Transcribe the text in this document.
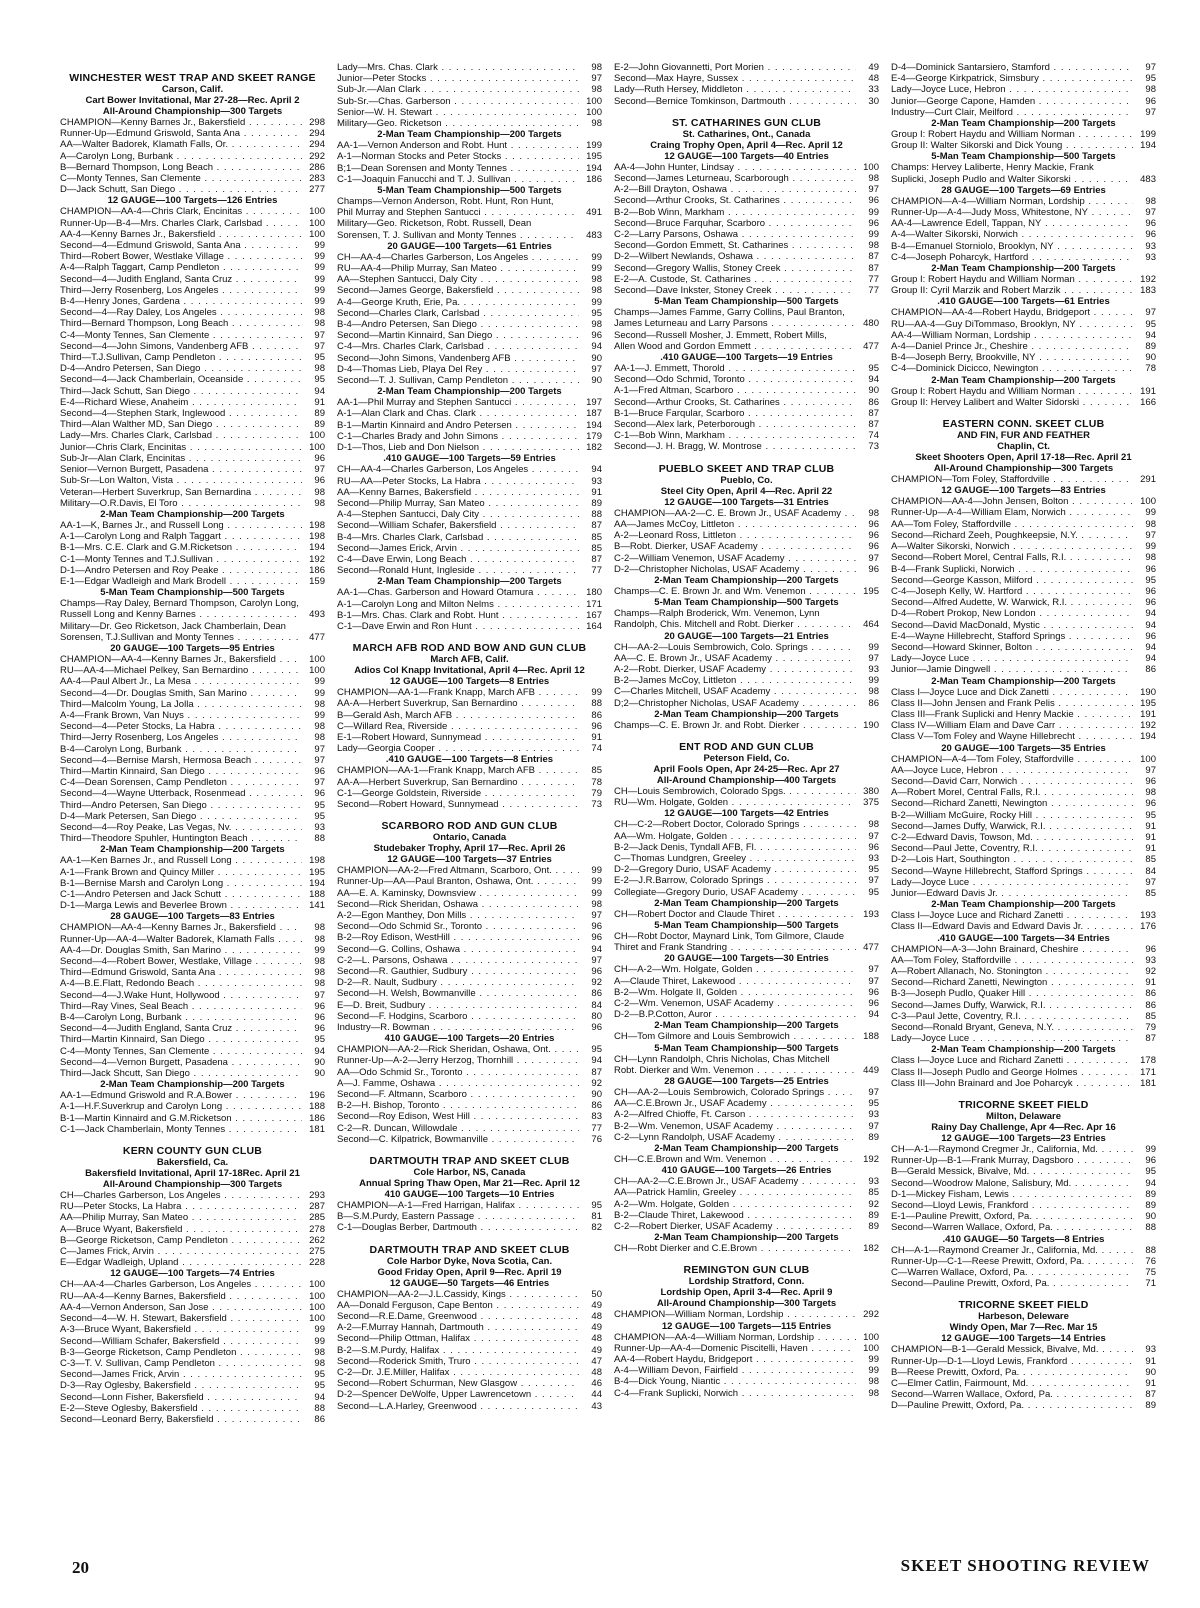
WINCHESTER WEST TRAP AND SKEET RANGE
Carson, Calif.
Cart Bower Invitational, Mar 27-28—Rec. April 2
All-Around Championship—300 Targets
CHAMPION—Kenny Barnes Jr., Bakersfield . . .	298
Runner-Up—Edmund Griswold, Santa Ana . . .	294
AA—Walter Badorek, Klamath Falls, Or. . . .	294
A—Carolyn Long, Burbank . . .	292
B—Bernard Thompson, Long Beach . . .	286
C—Monty Tennes, San Clemente . . .	283
D—Jack Schutt, San Diego . . .	277
12 GAUGE—100 Targets—126 Entries
CHAMPION—AA-4—Chris Clark, Encinitas . . .	100
Runner-Up—B-4—Mrs. Charles Clark, Carlsbad . . .	100
AA-4—Kenny Barnes Jr., Bakersfield . . .	100
Second—4—Edmund Griswold, Santa Ana . . .	99
Third—Robert Bower, Westlake Village . . .	99
A-4—Ralph Taggart, Camp Pendleton . . .	99
Second—4—Judith England, Santa Cruz . . .	99
Third—Jerry Rosenberg, Los Angeles . . .	99
B-4—Henry Jones, Gardena . . .	99
Second—4—Ray Daley, Los Angeles . . .	98
Third—Bernard Thompson, Long Beach . . .	98
C-4—Monty Tennes, San Clemente . . .	97
Second—4—John Simons, Vandenberg AFB . . .	97
Third—T.J.Sullivan, Camp Pendleton . . .	95
D-4—Andro Petersen, San Diego . . .	98
Second—4—Jack Chamberlain, Oceanside . . .	95
Third—Jack Schutt, San Diego . . .	94
E-4—Richard Wiese, Anaheim . . .	91
Second—4—Stephen Stark, Inglewood . . .	89
Third—Alan Walther MD, San Diego . . .	89
Lady—Mrs. Charles Clark, Carlsbad . . .	100
Junior—Chris Clark, Encinitas . . .	100
Sub-Jr—Alan Clark, Encinitas . . .	96
Senior—Vernon Burgett, Pasadena . . .	97
Sub-Sr—Lon Walton, Vista . . .	96
Veteran—Herbert Suverkrup, San Bernardina . . .	98
Military—O.R.Davis, El Toro . . .	98
2-Man Team Championship—200 Targets
AA-1—K, Barnes Jr., and Russell Long . . .	198
A-1—Carolyn Long and Ralph Taggart . . .	198
B-1—Mrs. C.E. Clark and G.M.Ricketson . . .	194
C-1—Monty Tennes and T.J.Sullivan . . .	192
D-1—Andro Petersen and Roy Peake . . .	186
E-1—Edgar Wadleigh and Mark Brodell . . .	159
5-Man Team Championship—500 Targets
Champs—Ray Daley, Bernard Thompson, Carolyn Long,
Russell Long and Kenny Barnes . . .	493
Military—Dr. Geo Ricketson, Jack Chamberlain, Dean
Sorensen, T.J.Sullivan and Monty Tennes . . .	477
20 GAUGE—100 Targets—95 Entries
CHAMPION—AA-4—Kenny Barnes Jr., Bakersfield . . .	100
RU—AA-4—Michael Pelkey, San Bernardino . . .	100
AA-4—Paul Albert Jr., La Mesa . . .	99
Second—4—Dr. Douglas Smith, San Marino . . .	99
Third—Malcolm Young, La Jolla . . .	98
A-4—Frank Brown, Van Nuys . . .	99
Second—4—Peter Stocks, La Habra . . .	98
Third—Jerry Rosenberg, Los Angeles . . .	98
B-4—Carolyn Long, Burbank . . .	97
Second—4—Bernise Marsh, Hermosa Beach . . .	97
Third—Martin Kinnaird, San Diego . . .	96
C-4—Dean Sorensen, Camp Pendleton . . .	97
Second—4—Wayne Utterback, Rosenmead . . .	96
Third—Andro Petersen, San Diego . . .	95
D-4—Mark Petersen, San Diego . . .	95
Second—4—Roy Peake, Las Vegas, Nv. . . .	93
Third—Theodore Spuhler, Huntington Beach . . .	88
2-Man Team Championship—200 Targets
AA-1—Ken Barnes Jr., and Russell Long . . .	198
A-1—Frank Brown and Quincy Miller . . .	195
B-1—Bernise Marsh and Carolyn Long . . .	194
C-1—Andro Petersen and Jack Schutt . . .	188
D-1—Marga Lewis and Beverlee Brown . . .	141
28 GAUGE—100 Targets—83 Entries
CHAMPION—AA-4—Kenny Barnes Jr., Bakersfield . . .	98
Runner-Up—AA-4—Walter Badorek, Klamath Falls . . .	98
AA-4—Dr. Douglas Smith, San Marino . . .	99
Second—4—Robert Bower, Westlake, Village . . .	98
Third—Edmund Griswold, Santa Ana . . .	98
A-4—B.E.Flatt, Redondo Beach . . .	98
Second—4—J.Wake Hunt, Hollywood . . .	97
Third—Ray Vines, Seal Beach . . .	96
B-4—Carolyn Long, Burbank . . .	96
Second—4—Judith England, Santa Cruz . . .	96
Third—Martin Kinnaird, San Diego . . .	95
C-4—Monty Tennes, San Clemente . . .	94
Second—4—Vernon Burgett, Pasadena . . .	90
Third—Jack Shcutt, San Diego . . .	90
2-Man Team Championship—200 Targets
AA-1—Edmund Griswold and R.A.Bower . . .	196
A-1—H.F.Suverkrup and Carolyn Long . . .	188
B-1—Martin Kinnaird and G.M.Ricketson . . .	186
C-1—Jack Chamberlain, Monty Tennes . . .	181
KERN COUNTY GUN CLUB
Bakersfield, Ca.
Bakersfield Invitational, April 17-18Rec. April 21
All-Around Championship—300 Targets
CH—Charles Garberson, Los Angeles . . .	293
RU—Peter Stocks, La Habra . . .	287
AA—Philip Murray, San Mateo . . .	285
A—Bruce Wyant, Bakersfield . . .	278
B—George Ricketson, Camp Pendleton . . .	262
C—James Frick, Arvin . . .	275
E—Edgar Wadleigh, Upland . . .	228
12 GAUGE—100 Targets—74 Entries
CH—AA-4—Charles Garberson, Los Angeles . . .	100
RU—AA-4—Kenny Barnes, Bakersfield . . .	100
AA-4—Vernon Anderson, San Jose . . .	100
Second—4—W. H. Stewart, Bakersfield . . .	100
A-3—Bruce Wyant, Bakersfield . . .	99
Second—William Schafer, Bakersfield . . .	99
B-3—George Ricketson, Camp Pendleton . . .	98
C-3—T. V. Sullivan, Camp Pendleton . . .	98
Second—James Frick, Arvin . . .	95
D-3—Ray Oglesby, Bakersfield . . .	95
Second—Lonn Fisher, Bakersfield . . .	94
E-2—Steve Oglesby, Bakersfield . . .	88
Second—Leonard Berry, Bakersfield . . .	86
Lady—Mrs. Chas. Clark . . .	98
Junior—Peter Stocks . . .	97
Sub-Jr.—Alan Clark . . .	98
Sub-Sr.—Chas. Garberson . . .	100
Senior—W. H. Stewart . . .	100
Military—Geo. Ricketson . . .	98
2-Man Team Championship—200 Targets
AA-1—Vernon Anderson and Robt. Hunt . . .	199
A-1—Norman Stocks and Peter Stocks . . .	195
B;1—Dean Sorensen and Monty Tennes . . .	194
C-1—Joaquin Fanucchi and T. J. Sullivan . . .	186
5-Man Team Championship—500 Targets
Champs—Vernon Anderson, Robt. Hunt, Ron Hunt,
Phil Murray and Stephen Santucci . . .	491
Military—Geo. Ricketson, Robt. Russell, Dean
Sorensen, T. J. Sullivan and Monty Tennes . . .	483
20 GAUGE—100 Targets—61 Entries
CH—AA-4—Charles Garberson, Los Angeles . . .	99
RU—AA-4—Philip Murray, San Mateo . . .	99
AA—Stephen Santucci, Daly City . . .	98
Second—James George, Bakersfield . . .	98
A-4—George Kruth, Erie, Pa. . . .	99
Second—Charles Clark, Carlsbad . . .	95
B-4—Andro Petersen, San Diego . . .	98
Second—Martin Kinnaird, San Diego . . .	96
C-4—Mrs. Charles Clark, Carlsbad . . .	94
Second—John Simons, Vandenberg AFB . . .	90
D-4—Thomas Lieb, Playa Del Rey . . .	97
Second—T. J. Sullivan, Camp Pendleton . . .	90
2-Man Team Championship—200 Targets
AA-1—Phil Murray and Stephen Santucci . . .	197
A-1—Alan Clark and Chas. Clark . . .	187
B-1—Martin Kinnaird and Andro Petersen . . .	194
C-1—Charles Brady and John Simons . . .	179
D-1—Thos, Lieb and Don Nielson . . .	182
.410 GAUGE—100 Targets—59 Entries
CH—AA-4—Charles Garberson, Los Angeles . . .	94
RU—AA—Peter Stocks, La Habra . . .	93
AA—Kenny Barnes, Bakersfield . . .	91
Second—Philip Murray, San Mateo . . .	89
A-4—Stephen Santucci, Daly City . . .	88
Second—William Schafer, Bakersfield . . .	87
B-4—Mrs. Charles Clark, Carlsbad . . .	85
Second—James Erick, Arvin . . .	85
C-4—Dave Erwin, Long Beach . . .	87
Second—Ronald Hunt, Ingleside . . .	77
2-Man Team Championship—200 Targets
AA-1—Chas. Garberson and Howard Otamura . . .	180
A-1—Carolyn Long and Milton Nelms . . .	171
B-1—Mrs. Chas. Clark and Robt. Hunt . . .	167
C-1—Dave Erwin and Ron Hunt . . .	164
MARCH AFB ROD AND BOW AND GUN CLUB
March AFB, Calif.
Adios Col Knapp Invitational, April 4—Rec. April 12
12 GAUGE—100 Targets—8 Entries
CHAMPION—AA-1—Frank Knapp, March AFB . . .	99
AA-A—Herbert Suverkrup, San Bernardino . . .	88
B—Gerald Ash, March AFB . . .	86
C—Willard Rea, Riverside . . .	96
E-1—Robert Howard, Sunnymead . . .	91
Lady—Georgia Cooper . . .	74
.410 GAUGE—100 Targets—8 Entries
CHAMPION—AA-1—Frank Knapp, March AFB . . .	85
AA-A—Herbert Suverkrup, San Bernardino . . .	78
C-1—George Goldstein, Riverside . . .	79
Second—Robert Howard, Sunnymead . . .	73
SCARBORO ROD AND GUN CLUB
Ontario, Canada
Studebaker Trophy, April 17—Rec. April 26
12 GAUGE—100 Targets—37 Entries
CHAMPION—AA-2—Fred Altmann, Scarboro, Ont. . . .	99
Runner-Up—AA—Paul Branton, Oshawa, Ont. . . .	99
AA—E. A. Kaminsky, Downsview . . .	99
Second—Rick Sheridan, Oshawa . . .	98
A-2—Egon Manthey, Don Mills . . .	97
Second—Odo Schmid Sr., Toronto . . .	96
B-2—Roy Edison, WestHill . . .	96
Second—G. Collins, Oshawa . . .	94
C-2—L. Parsons, Oshawa . . .	97
Second—R. Gauthier, Sudbury . . .	96
D-2—R. Nault, Sudbury . . .	92
Second—H. Welsh, Bowmanville . . .	86
E—D. Breit, Sudbury . . .	84
Second—F. Hodgins, Scarboro . . .	80
Industry—R. Bowman . . .	96
410 GAUGE—100 Targets—20 Entries
CHAMPION—AA-2—Rick Sheridan, Oshawa, Ont. . . .	95
Runner-Up—A-2—Jerry Herzog, Thornhill . . .	94
AA—Odo Schmid Sr., Toronto . . .	87
A—J. Famme, Oshawa . . .	92
Second—F. Altmann, Scarboro . . .	90
B-2—H. Bishop, Toronto . . .	86
Second—Roy Edison, West Hill . . .	83
C-2—R. Duncan, Willowdale . . .	77
Second—C. Kilpatrick, Bowmanville . . .	76
DARTMOUTH TRAP AND SKEET CLUB
Cole Harbor, NS, Canada
Annual Spring Thaw Open, Mar 21—Rec. April 12
410 GAUGE—100 Targets—10 Entries
CHAMPION—A-1—Fred Harrigan, Halifax . . .	95
B—S.M.Purdy, Eastern Passage . . .	81
C-1—Douglas Berber, Dartmouth . . .	82
DARTMOUTH TRAP AND SKEET CLUB
Cole Harbor Dyke, Nova Scotia, Can.
Good Friday Open, April 9—Rec. April 19
12 GAUGE—50 Targets—46 Entries
CHAMPION—AA-2—J.L.Cassidy, Kings . . .	50
AA—Donald Ferguson, Cape Benton . . .	49
Second—R.E.Dame, Greenwood . . .	48
A-2—F.Murray Hannah, Dartmouth . . .	49
Second—Philip Ottman, Halifax . . .	48
B-2—S.M.Purdy, Halifax . . .	49
Second—Roderick Smith, Truro . . .	47
C-2—Dr. J.E.Miller, Halifax . . .	48
Second—Robert Schurman, New Glasgow . . .	46
D-2—Spencer DeWolfe, Upper Lawrencetown . . .	44
Second—L.A.Harley, Greenwood . . .	43
E-2—John Giovannetti, Port Morien . . .	49
Second—Max Hayre, Sussex . . .	48
Lady—Ruth Hersey, Middleton . . .	33
Second—Bernice Tomkinson, Dartmouth . . .	30
ST. CATHARINES GUN CLUB
St. Catharines, Ont., Canada
Craing Trophy Open, April 4—Rec. April 12
12 GAUGE—100 Targets—40 Entries
AA-4—John Hunter, Lindsay . . .	100
Second—James Leturneau, Scarborough . . .	98
A-2—Bill Drayton, Oshawa . . .	97
Second—Arthur Crooks, St. Catharines . . .	96
B-2—Bob Winn, Markham . . .	99
Second—Bruce Farquhar, Scarboro . . .	96
C-2—Larry Parsons, Oshawa . . .	99
Second—Gordon Emmett, St. Catharines . . .	98
D-2—Wilbert Newlands, Oshawa . . .	87
Second—Gregory Wallis, Stoney Creek . . .	87
E-2—A. Custode, St. Catharines . . .	77
Second—Dave Inkster, Stoney Creek . . .	77
5-Man Team Championship—500 Targets
Champs—James Famme, Garry Collins, Paul Branton,
James Leturneau and Larry Parsons . . .	480
Second—Russell Mosher, J. Emmett, Robert Mills,
Allen Wood and Gordon Emmett . . .	477
.410 GAUGE—100 Targets—19 Entries
AA-1—J. Emmett, Thorold . . .	95
Second—Odo Schmid, Toronto . . .	94
A-1—Fred Altman, Scarboro . . .	90
Second—Arthur Crooks, St. Catharines . . .	86
B-1—Bruce Farqular, Scarboro . . .	87
Second—Alex lark, Peterborough . . .	87
C-1—Bob Winn, Markham . . .	74
Second—J. H. Bragg, W. Montrose . . .	73
PUEBLO SKEET AND TRAP CLUB
Pueblo, Co.
Steel City Open, April 4—Rec. April 22
12 GAUGE—100 Targets—31 Entries
CHAMPION—AA-2—C. E. Brown Jr., USAF Academy . . .	98
AA—James McCoy, Littleton . . .	96
A-2—Leonard Ross, Littleton . . .	96
B—Robt. Dierker, USAF Academy . . .	96
C-2—William Venemon, USAF Academy . . .	97
D-2—Christopher Nicholas, USAF Academy . . .	96
2-Man Team Championship—200 Targets
Champs—C. E. Brown Jr. and Wm. Venemon . . .	195
5-Man Team Championship—500 Targets
Champs—Ralph Broderick, Wm. Venemon, Lynn
Randolph, Chis. Mitchell and Robt. Dierker . . .	464
20 GAUGE—100 Targets—21 Entries
CH—AA-2—Louis Sembrowich, Colo. Springs . . .	99
AA—C. E. Brown Jr., USAF Academy . . .	97
A-2—Robt. Dierker, USAF Academy . . .	93
B-2—James McCoy, Littleton . . .	99
C—Charles Mitchell, USAF Academy . . .	98
D;2—Christopher Nicholas, USAF Academy . . .	86
2-Man Team Championship—200 Targets
Champs—C. E. Brown Jr. and Robt. Dierker . . .	190
ENT ROD AND GUN CLUB
Peterson Field, Co.
April Fools Open, Apr 24-25—Rec. Apr 27
All-Around Championship—400 Targets
CH—Louis Sembrowich, Colorado Spgs. . . .	380
RU—Wm. Holgate, Golden . . .	375
12 GAUGE—100 Targets—42 Entries
CH—C-2—Robert Doctor, Colorado Springs . . .	98
AA—Wm. Holgate, Golden . . .	97
B-2—Jack Denis, Tyndall AFB, Fl. . . .	96
C—Thomas Lundgren, Greeley . . .	93
D-2—Gregory Durio, USAF Academy . . .	95
E-2—J.R.Barrow, Colorado Springs . . .	97
Collegiate—Gregory Durio, USAF Academy . . .	95
2-Man Team Championship—200 Targets
CH—Robert Doctor and Claude Thiret . . .	193
5-Man Team Championship—500 Targets
CH—Robt Doctor, Maynard Link, Tom Gilmore, Claude
Thiret and Frank Standring . . .	477
20 GAUGE—100 Targets—30 Entries
CH—A-2—Wm. Holgate, Golden . . .	97
A—Claude Thiret, Lakewood . . .	97
B-2—Wm. Holgate II, Golden . . .	96
C-2—Wm. Venemon, USAF Academy . . .	96
D-2—B.P.Cotton, Auror . . .	94
2-Man Team Championship—200 Targets
CH—Tom Gilmore and Louis Sembrowich . . .	188
5-Man Team Championship—500 Targets
CH—Lynn Randolph, Chris Nicholas, Chas Mitchell
Robt. Dierker and Wm. Venemon . . .	449
28 GAUGE—100 Targets—25 Entries
CH—AA-2—Louis Sembrowich, Colorado Springs . . .	97
AA—C.E.Brown Jr., USAF Academy . . .	95
A-2—Alfred Chioffe, Ft. Carson . . .	93
B-2—Wm. Venemon, USAF Academy . . .	97
C-2—Lynn Randolph, USAF Academy . . .	89
2-Man Team Championship—200 Targets
CH—C.E.Brown and Wm. Venemon . . .	192
410 GAUGE—100 Targets—26 Entries
CH—AA-2—C.E.Brown Jr., USAF Academy . . .	93
AA—Patrick Hamlin, Greeley . . .	85
A-2—Wm. Holgate, Golden . . .	92
B-2—Claude Thiret, Lakewood . . .	89
C-2—Robert Dierker, USAF Academy . . .	89
2-Man Team Championship—200 Targets
CH—Robt Dierker and C.E.Brown . . .	182
REMINGTON GUN CLUB
Lordship Stratford, Conn.
Lordship Open, April 3-4—Rec. April 9
All-Around Championship—300 Targets
CHAMPION—William Norman, Lordship . . .	292
12 GAUGE—100 Targets—115 Entries
CHAMPION—AA-4—William Norman, Lordship . . .	100
Runner-Up—AA-4—Domenic Piscitelli, Haven . . .	100
AA-4—Robert Haydu, Bridgeport . . .	99
A-4—William Devon, Fairfield . . .	99
B-4—Dick Young, Niantic . . .	98
C-4—Frank Suplicki, Norwich . . .	98
D-4—Dominick Santarsiero, Stamford . . .	97
E-4—George Kirkpatrick, Simsbury . . .	95
Lady—Joyce Luce, Hebron . . .	98
Junior—George Capone, Hamden . . .	96
Industry—Curt Clair, Meilford . . .	97
2-Man Team Championship—200 Targets
Group I: Robert Haydu and William Norman . . .	199
Group II: Walter Sikorski and Dick Young . . .	194
5-Man Team Championship—500 Targets
Champs: Hervey Laliberte, Henry Mackie, Frank
Suplicki, Joseph Pudlo and Walter Sikorski . . .	483
28 GAUGE—100 Targets—69 Entries
CHAMPION—A-4—William Norman, Lordship . . .	98
Runner-Up—A-4—Judy Moss, Whitestone, NY . . .	97
AA-4—Lawrence Edell, Tappan, NY . . .	96
A-4—Walter Sikorski, Norwich . . .	96
B-4—Emanuel Storniolo, Brooklyn, NY . . .	93
C-4—Joseph Poharcyk, Hartford . . .	93
2-Man Team Championship—200 Targets
Group I: Robert Haydu and William Norman . . .	192
Group II: Cyril Marzik and Robert Marzik . . .	183
.410 GAUGE—100 Targets—61 Entries
CHAMPION—AA-4—Robert Haydu, Bridgeport . . .	97
RU—AA-4—Guy DiTommaso, Brooklyn, NY . . .	95
AA-4—William Norman, Lordship . . .	94
A-4—Daniel Prince Jr., Cheshire . . .	89
B-4—Joseph Berry, Brookville, NY . . .	90
C-4—Dominick Dicicco, Newington . . .	78
2-Man Team Championship—200 Targets
Group I: Robert Haydu and William Norman . . .	191
Group II: Hervey Lalibert and Walter Sidorski . . .	166
EASTERN CONN. SKEET CLUB
AND FIN, FUR AND FEATHER
Chaplin, Ct.
Skeet Shooters Open, April 17-18—Rec. April 21
All-Around Championship—300 Targets
CHAMPION—Tom Foley, Staffordville . . .	291
12 GAUGE—100 Targets—83 Entries
CHAMPION—AA-4—John Jensen, Bolton . . .	100
Runner-Up—A-4—William Elam, Norwich . . .	99
AA—Tom Foley, Staffordville . . .	98
Second—Richard Zeeh, Poughkeepsie, N.Y. . . .	97
A—Walter Sikorski, Norwich . . .	99
Second—Robert Morel, Central Falls, R.I. . . .	98
B-4—Frank Suplicki, Norwich . . .	96
Second—George Kasson, Milford . . .	95
C-4—Joseph Kelly, W. Hartford . . .	96
Second—Alfred Audette, W. Warwick, R.I. . . .	96
D-4—Robert Prokop, New London . . .	94
Second—David MacDonald, Mystic . . .	94
E-4—Wayne Hillebrecht, Stafford Springs . . .	96
Second—Howard Skinner, Bolton . . .	94
Lady—Joyce Luce . . .	94
Junior—Jamie Dingwell . . .	86
2-Man Team Championship—200 Targets
Class I—Joyce Luce and Dick Zanetti . . .	190
Class II—John Jensen and Frank Pelis . . .	195
Class III—Frank Suplicki and Henry Mackie . . .	191
Class IV—William Elam and Dave Carr . . .	192
Class V—Tom Foley and Wayne Hillebrecht . . .	194
20 GAUGE—100 Targets—35 Entries
CHAMPION—A-4—Tom Foley, Staffordville . . .	100
AA—Joyce Luce, Hebron . . .	97
Second—David Carr, Norwich . . .	96
A—Robert Morel, Central Falls, R.I. . . .	98
Second—Richard Zanetti, Newington . . .	96
B-2—William McGuire, Rocky Hill . . .	95
Second—James Duffy, Warwick, R.I. . . .	91
C-2—Edward Davis, Towson, Md. . . .	91
Second—Paul Jette, Coventry, R.I. . . .	91
D-2—Lois Hart, Southington . . .	85
Second—Wayne Hillebrecht, Stafford Springs . . .	84
Lady—Joyce Luce . . .	97
Junior—Edward Davis Jr. . . .	85
2-Man Team Championship—200 Targets
Class I—Joyce Luce and Richard Zanetti . . .	193
Class II—Edward Davis and Edward Davis Jr. . . .	176
.410 GAUGE—100 Targets—34 Entries
CHAMPION—A-3—John Brainard, Cheshire . . .	96
AA—Tom Foley, Staffordville . . .	93
A—Robert Allanach, No. Stonington . . .	92
Second—Richard Zanetti, Newington . . .	91
B-3—Joseph Pudlo, Quaker Hill . . .	86
Second—James Duffy, Warwick, R.I. . . .	86
C-3—Paul Jette, Coventry, R.I. . . .	85
Second—Ronald Bryant, Geneva, N.Y. . . .	79
Lady—Joyce Luce . . .	87
2-Man Team Championship—200 Targets
Class I—Joyce Luce and Richard Zanetti . . .	178
Class II—Joseph Pudlo and George Holmes . . .	171
Class III—John Brainard and Joe Poharcyk . . .	181
TRICORNE SKEET FIELD
Milton, Delaware
Rainy Day Challenge, Apr 4—Rec. Apr 16
12 GAUGE—100 Targets—23 Entries
CH—A-1—Raymond Cregmer Jr., California, Md. . . .	99
Runner-Up—B-1—Frank Murray, Dagsboro . . .	96
B—Gerald Messick, Bivalve, Md. . . .	95
Second—Woodrow Malone, Salisbury, Md. . . .	94
D-1—Mickey Fisham, Lewis . . .	89
Second—Lloyd Lewis, Frankford . . .	89
E-1—Pauline Prewitt, Oxford, Pa. . . .	90
Second—Warren Wallace, Oxford, Pa. . . .	88
.410 GAUGE—50 Targets—8 Entries
CH—A-1—Raymond Creamer Jr., California, Md. . . .	88
Runner-Up—C-1—Reese Prewitt, Oxford, Pa. . . .	76
C—Warren Wallace, Oxford, Pa. . . .	75
Second—Pauline Prewitt, Oxford, Pa. . . .	71
TRICORNE SKEET FIELD
Harbeson, Deleware
Windy Open, Mar 7—Rec. Mar 15
12 GAUGE—100 Targets—14 Entries
CHAMPION—B-1—Gerald Messick, Bivalve, Md. . . .	93
Runner-Up—D-1—Lloyd Lewis, Frankford . . .	91
B—Reese Prewitt, Oxford, Pa. . . .	90
C—Elmer Catlin, Fairmount, Md. . . .	91
Second—Warren Wallace, Oxford, Pa. . . .	87
D—Pauline Prewitt, Oxford, Pa. . . .	89
20	SKEET SHOOTING REVIEW
